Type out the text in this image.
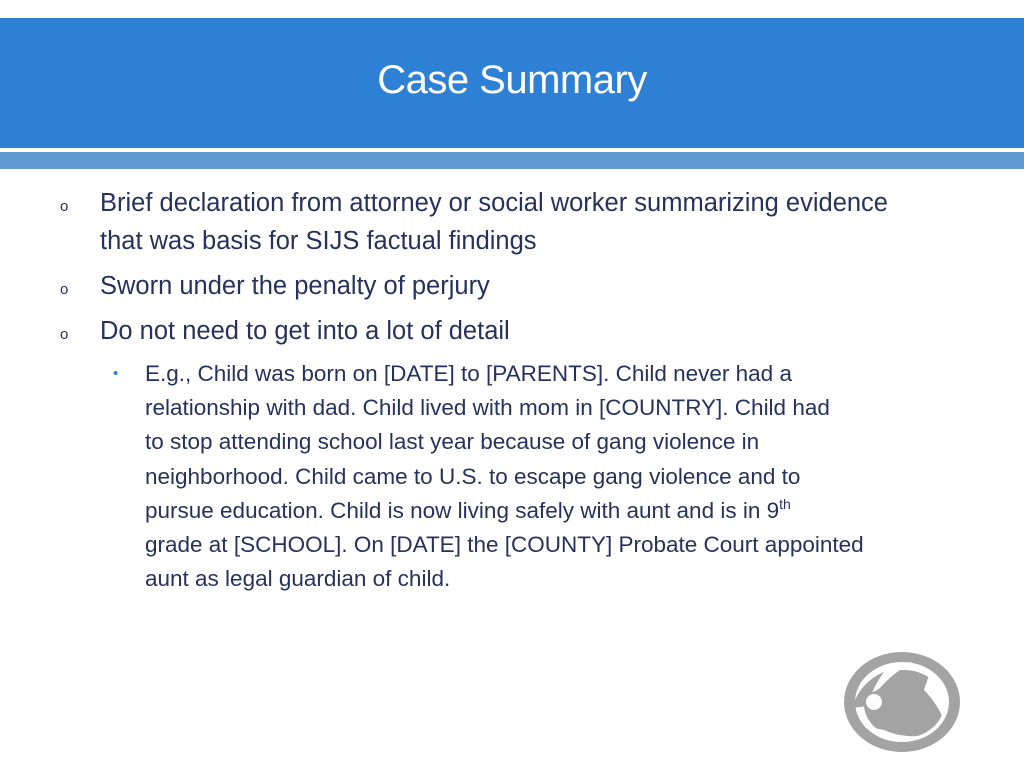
Case Summary
o Brief declaration from attorney or social worker summarizing evidence that was basis for SIJS factual findings
o Sworn under the penalty of perjury
o Do not need to get into a lot of detail
• E.g., Child was born on [DATE] to [PARENTS]. Child never had a
relationship with dad. Child lived with mom in [COUNTRY]. Child had
to stop attending school last year because of gang violence in
neighborhood. Child came to U.S. to escape gang violence and to
pursue education. Child is now living safely with aunt and is in 9th
grade at [SCHOOL]. On [DATE] the [COUNTY] Probate Court appointed
aunt as legal guardian of child.
